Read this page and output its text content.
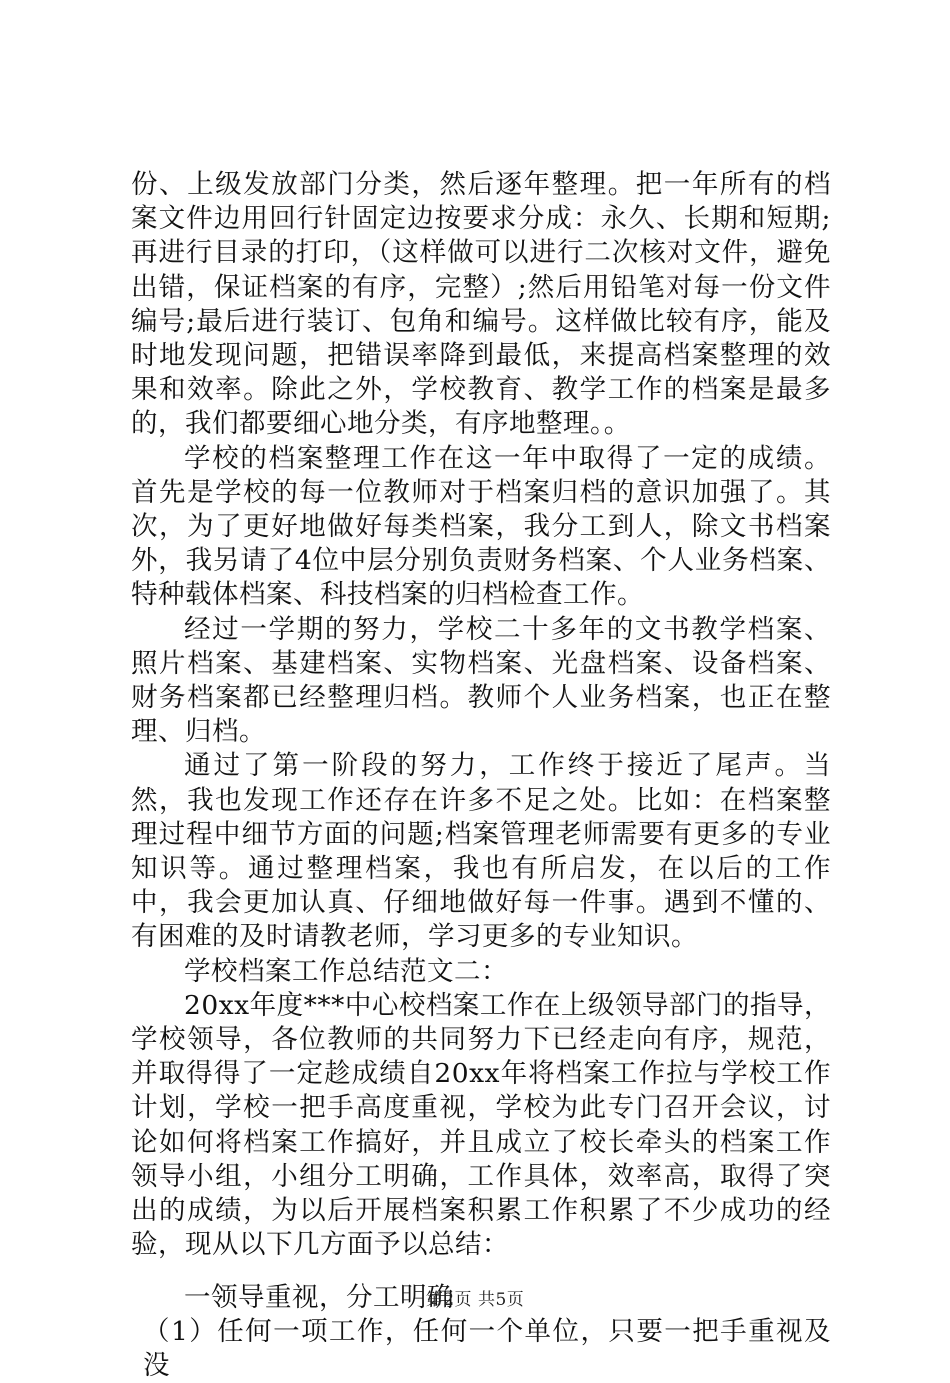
份、上级发放部门分类，然后逐年整理。把一年所有的档案文件边用回行针固定边按要求分成：永久、长期和短期;再进行目录的打印，（这样做可以进行二次核对文件，避免出错，保证档案的有序，完整）;然后用铅笔对每一份文件编号;最后进行装订、包角和编号。这样做比较有序，能及时地发现问题，把错误率降到最低，来提高档案整理的效果和效率。除此之外，学校教育、教学工作的档案是最多的，我们都要细心地分类，有序地整理。。

学校的档案整理工作在这一年中取得了一定的成绩。首先是学校的每一位教师对于档案归档的意识加强了。其次，为了更好地做好每类档案，我分工到人，除文书档案外，我另请了4位中层分别负责财务档案、个人业务档案、特种载体档案、科技档案的归档检查工作。

经过一学期的努力，学校二十多年的文书教学档案、照片档案、基建档案、实物档案、光盘档案、设备档案、财务档案都已经整理归档。教师个人业务档案，也正在整理、归档。

通过了第一阶段的努力，工作终于接近了尾声。当然，我也发现工作还存在许多不足之处。比如：在档案整理过程中细节方面的问题;档案管理老师需要有更多的专业知识等。通过整理档案，我也有所启发，在以后的工作中，我会更加认真、仔细地做好每一件事。遇到不懂的、有困难的及时请教老师，学习更多的专业知识。

学校档案工作总结范文二：

20xx年度***中心校档案工作在上级领导部门的指导，学校领导，各位教师的共同努力下已经走向有序，规范，并取得得了一定趁成绩自20xx年将档案工作拉与学校工作计划，学校一把手高度重视，学校为此专门召开会议，讨论如何将档案工作搞好，并且成立了校长牵头的档案工作领导小组，小组分工明确，工作具体，效率高，取得了突出的成绩，为以后开展档案积累工作积累了不少成功的经验，现从以下几方面予以总结：

一领导重视，分工明确

（1）任何一项工作，任何一个单位，只要一把手重视及没

第2页 共5页
